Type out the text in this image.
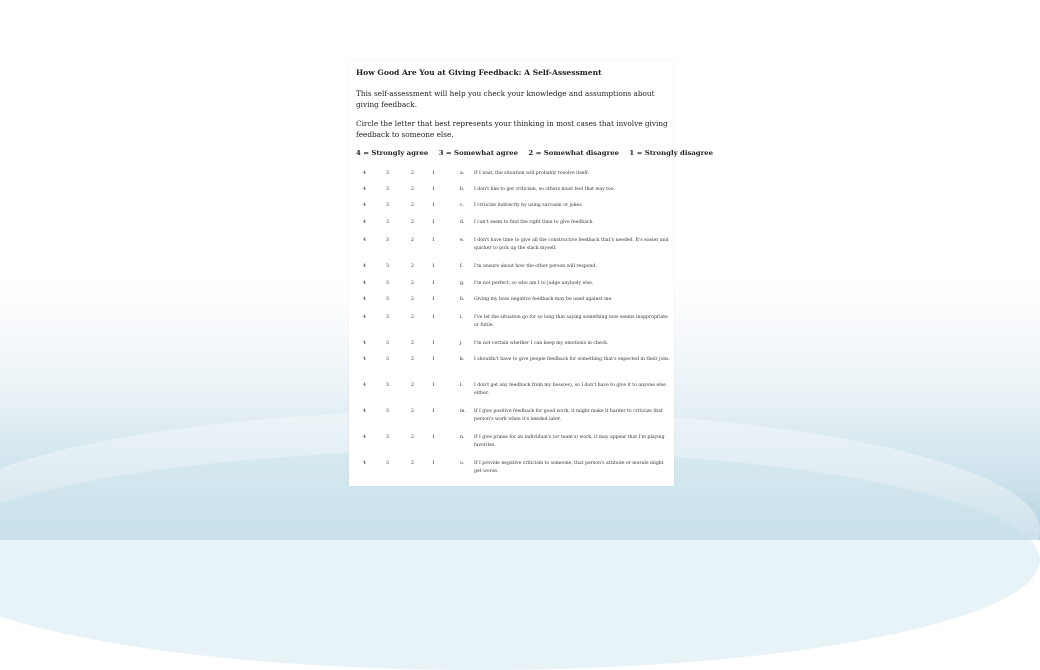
How Good Are You at Giving Feedback: A Self-Assessment
This self-assessment will help you check your knowledge and assumptions about giving feedback.
Circle the letter that best represents your thinking in most cases that involve giving feedback to someone else.
4 = Strongly agree 3 = Somewhat agree 2 = Somewhat disagree 1 = Strongly disagree
4	3	2	1	a. If I wait, the situation will probably resolve itself.
4	3	2	1	b. I don't like to get criticism, so others must feel that way too.
4	3	2	1	c. I criticize indirectly by using sarcasm or jokes.
4	3	2	1	d. I can't seem to find the right time to give feedback.
4	3	2	1	e. I don't have time to give all the constructive feedback that's needed. It's easier and quicker to pick up the slack myself.
4	3	2	1	f. I'm unsure about how the other person will respond.
4	3	2	1	g. I'm not perfect, so who am I to judge anybody else.
4	3	2	1	h. Giving my boss negative feedback may be used against me.
4	3	2	1	i. I've let the situation go for so long that saying something now seems inappropriate or futile.
4	3	2	1	j. I'm not certain whether I can keep my emotions in check.
4	3	2	1	k. I shouldn't have to give people feedback for something that's expected in their jobs.
4	3	2	1	l. I don't get any feedback from my boss(es), so I don't have to give it to anyone else either.
4	3	2	1	m. If I give positive feedback for good work, it might make it harder to criticize that person's work when it's needed later.
4	3	2	1	n. If I give praise for an individual's (or team's) work, it may appear that I'm playing favorites.
4	3	2	1	o. If I provide negative criticism to someone, that person's attitude or morale might get worse.
